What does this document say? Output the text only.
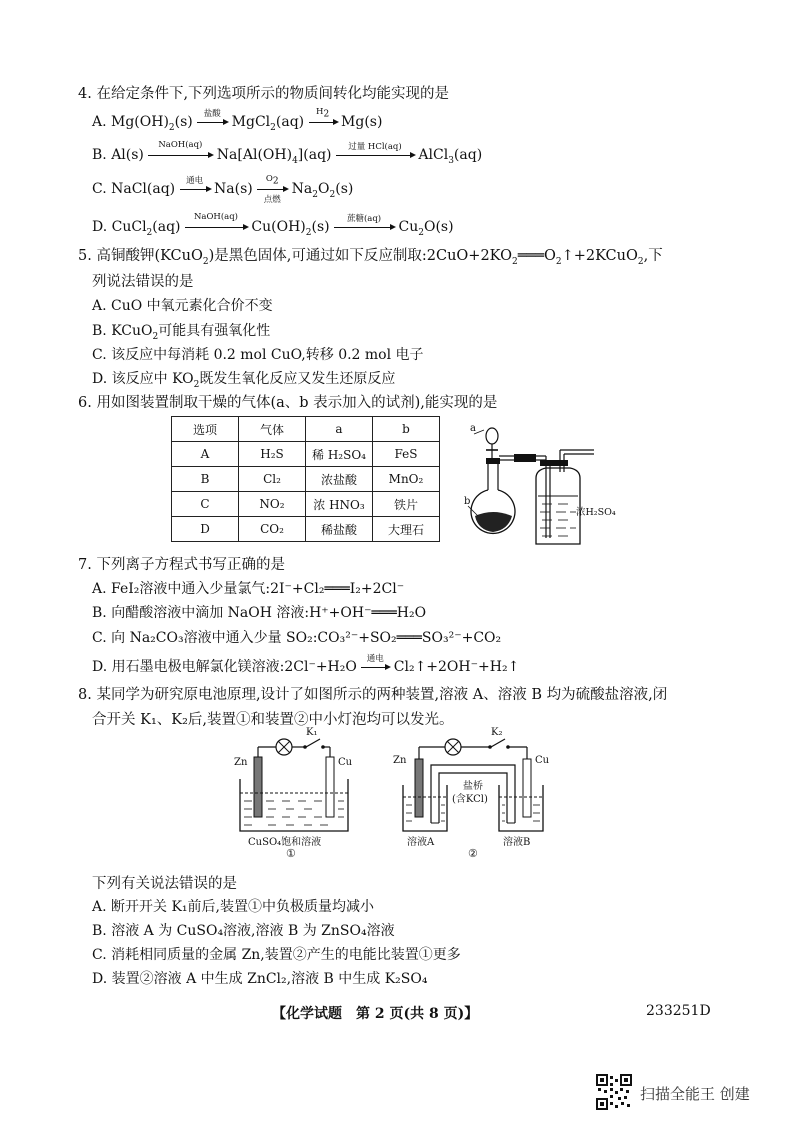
4. 在给定条件下,下列选项所示的物质间转化均能实现的是
A. $Mg(OH)_2(s)$	盐酸 MgCl$_2$(aq)
$H_2$ Mg(s)
B. Al(s)
NaOH(aq)
$Na[Al(OH)_4](aq)$	过量 HCl(aq)	AlCl$_3$(aq)
C. NaCl(aq)	通电 Na(s)
$O_2$
点燃
$Na_2O_2(s)$
D. CuCl$_2$(aq)
NaOH(aq)
$Cu(OH)_2(s)$	蔗糖(aq)	$Cu_2O(s)$
5. 高铜酸钾(KCuO$_2$)是黑色固体,可通过如下反应制取$:2CuO+2KO_2═══O_2↑+2KCuO_2$,下
列说法错误的是
A. CuO 中氧元素化合价不变
B. KCuO$_2$可能具有强氧化性
C. 该反应中每消耗 0.2 mol CuO,转移 0.2 mol 电子
D. 该反应中 $KO_2$既发生氧化反应又发生还原反应
6. 用如图装置制取干燥的气体(a、b 表示加入的试剂),能实现的是
选项	气体	a	b
A	H₂S	稀 H₂SO₄	FeS
B	Cl₂	浓盐酸	MnO₂
C	NO₂	浓 HNO₃	铁片
D	CO₂	稀盐酸	大理石
a
b
浓H₂SO₄
7. 下列离子方程式书写正确的是
A. FeI₂溶液中通入少量氯气:2I⁻+Cl₂═══I₂+2Cl⁻
B. 向醋酸溶液中滴加 NaOH 溶液:H⁺+OH⁻═══H₂O
C. 向 Na₂CO₃溶液中通入少量 SO₂:CO₃²⁻+SO₂═══SO₃²⁻+CO₂
D. 用石墨电极电解氯化镁溶液:2Cl⁻+H₂O	通电 Cl₂↑+2OH⁻+H₂↑
8. 某同学为研究原电池原理,设计了如图所示的两种装置,溶液 A、溶液 B 均为硫酸盐溶液,闭
合开关 K₁、K₂后,装置①和装置②中小灯泡均可以发光。
Zn	Cu
K₁
CuSO₄饱和溶液
①
Zn	Cu
K₂
盐桥
(含KCl)
溶液A	溶液B
②
下列有关说法错误的是
A. 断开开关 K₁前后,装置①中负极质量均减小
B. 溶液 A 为 CuSO₄溶液,溶液 B 为 ZnSO₄溶液
C. 消耗相同质量的金属 Zn,装置②产生的电能比装置①更多
D. 装置②溶液 A 中生成 ZnCl₂,溶液 B 中生成 K₂SO₄
【化学试题　第 2 页(共 8 页)】	233251D
扫描全能王 创建
